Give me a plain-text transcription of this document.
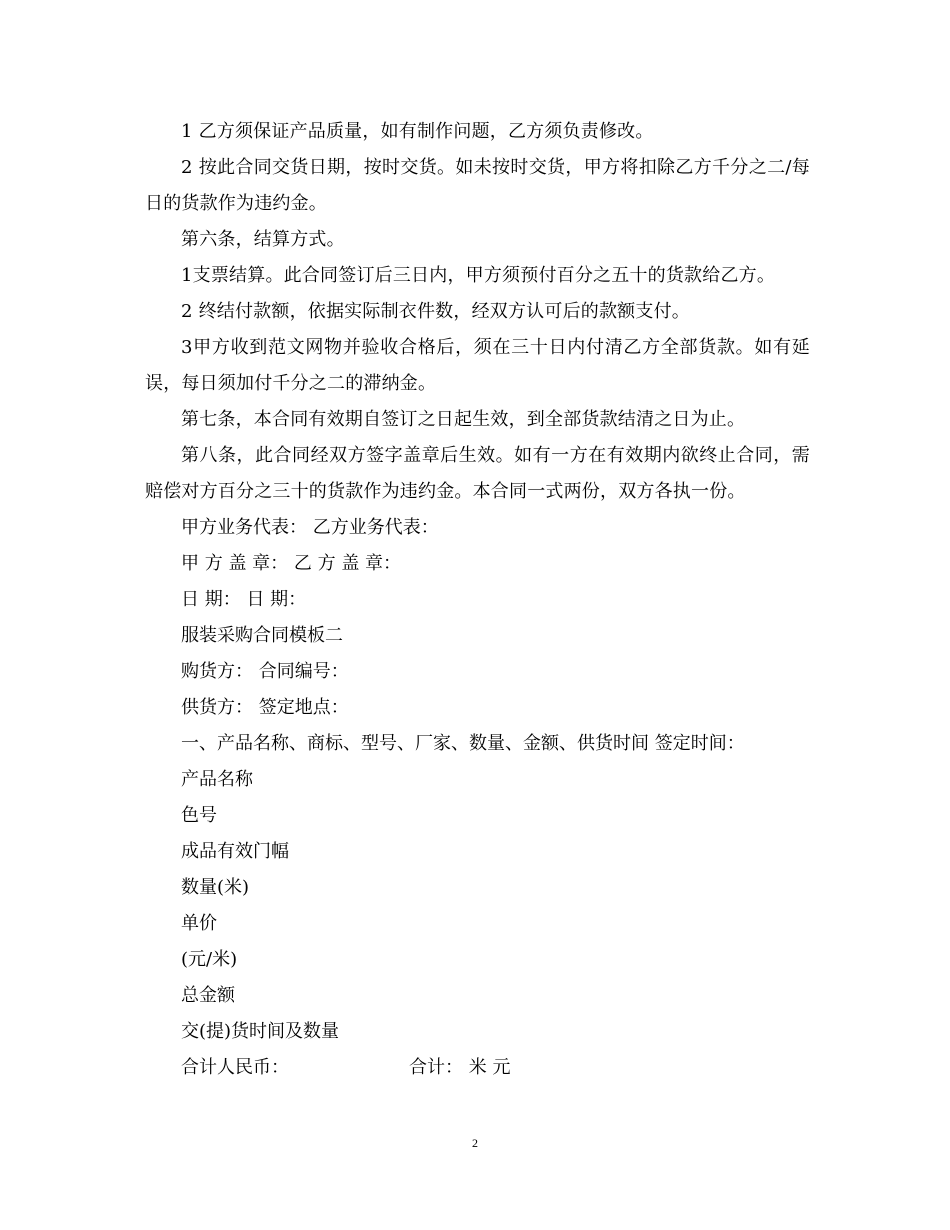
1 乙方须保证产品质量，如有制作问题，乙方须负责修改。

2 按此合同交货日期，按时交货。如未按时交货，甲方将扣除乙方千分之二/每日的货款作为违约金。

第六条，结算方式。

1支票结算。此合同签订后三日内，甲方须预付百分之五十的货款给乙方。

2 终结付款额，依据实际制衣件数，经双方认可后的款额支付。

3甲方收到范文网物并验收合格后，须在三十日内付清乙方全部货款。如有延误，每日须加付千分之二的滞纳金。

第七条，本合同有效期自签订之日起生效，到全部货款结清之日为止。

第八条，此合同经双方签字盖章后生效。如有一方在有效期内欲终止合同，需赔偿对方百分之三十的货款作为违约金。本合同一式两份，双方各执一份。

甲方业务代表： 乙方业务代表：

甲 方 盖 章： 乙 方 盖 章：

日 期： 日 期：

服装采购合同模板二

购货方： 合同编号：

供货方： 签定地点：

一、产品名称、商标、型号、厂家、数量、金额、供货时间 签定时间：

产品名称

色号

成品有效门幅

数量(米)

单价

(元/米)

总金额

交(提)货时间及数量

合计人民币：	合计： 米 元

2
